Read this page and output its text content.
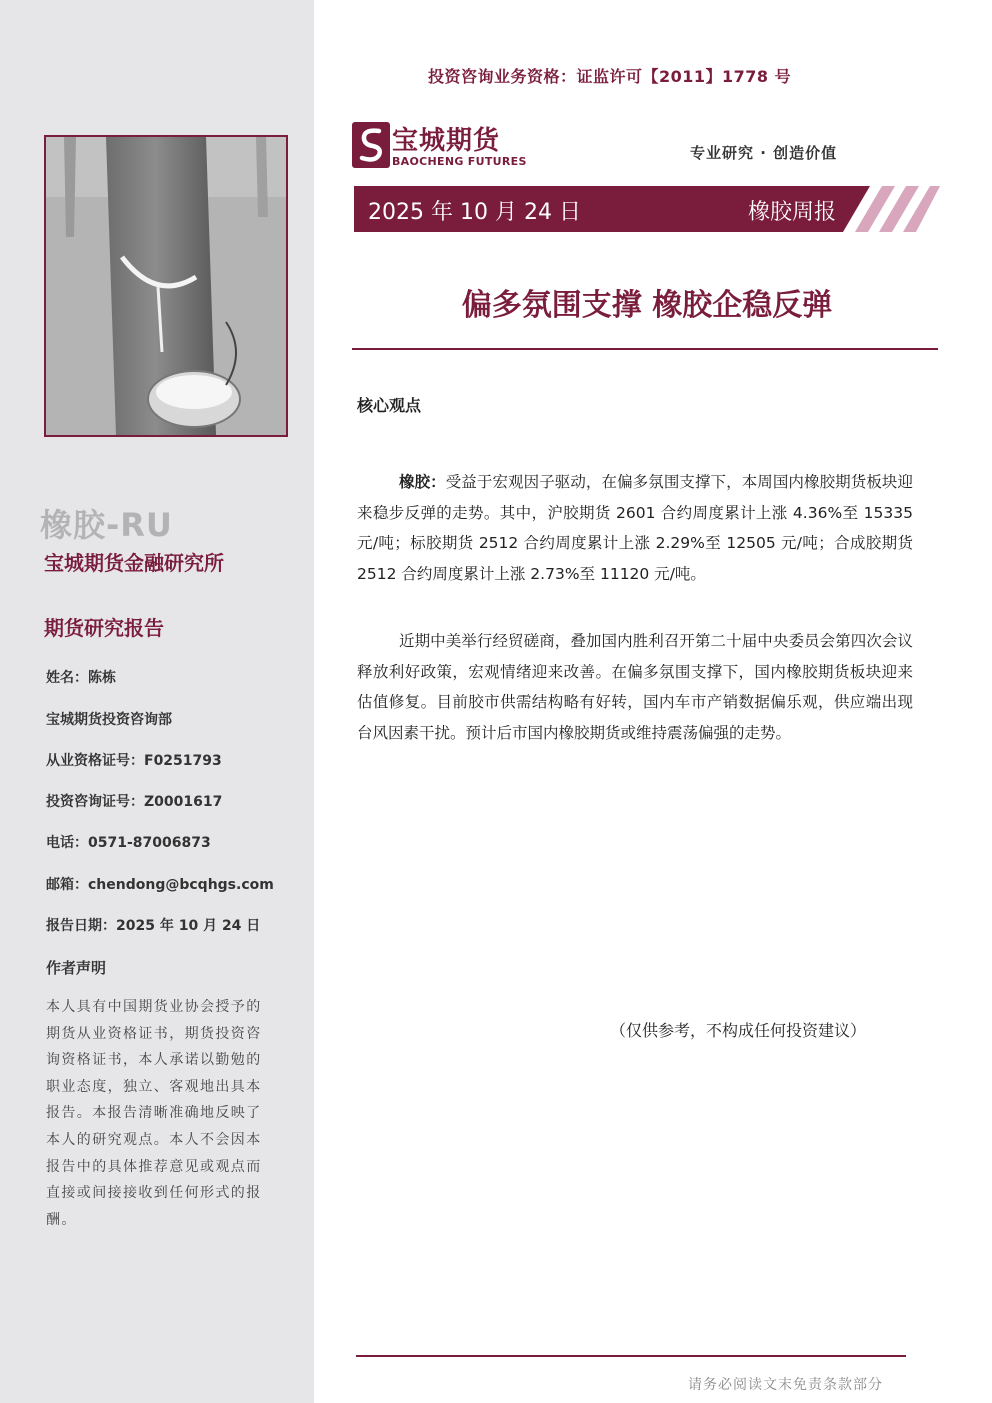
橡胶-RU
宝城期货金融研究所
期货研究报告
姓名：陈栋
宝城期货投资咨询部
从业资格证号：F0251793
投资咨询证号：Z0001617
电话：0571-87006873
邮箱：chendong@bcqhgs.com
报告日期：2025 年 10 月 24 日
作者声明
本人具有中国期货业协会授予的期货从业资格证书，期货投资咨询资格证书，本人承诺以勤勉的职业态度，独立、客观地出具本报告。本报告清晰准确地反映了本人的研究观点。本人不会因本报告中的具体推荐意见或观点而直接或间接接收到任何形式的报酬。
投资咨询业务资格：证监许可【2011】1778 号
宝城期货
BAOCHENG FUTURES	专业研究 · 创造价值
2025 年 10 月 24 日	橡胶周报
偏多氛围支撑 橡胶企稳反弹
核心观点

橡胶：受益于宏观因子驱动，在偏多氛围支撑下，本周国内橡胶期货板块迎来稳步反弹的走势。其中，沪胶期货 2601 合约周度累计上涨 4.36%至 15335 元/吨；标胶期货 2512 合约周度累计上涨 2.29%至 12505 元/吨；合成胶期货 2512 合约周度累计上涨 2.73%至 11120 元/吨。

近期中美举行经贸磋商，叠加国内胜利召开第二十届中央委员会第四次会议释放利好政策，宏观情绪迎来改善。在偏多氛围支撑下，国内橡胶期货板块迎来估值修复。目前胶市供需结构略有好转，国内车市产销数据偏乐观，供应端出现台风因素干扰。预计后市国内橡胶期货或维持震荡偏强的走势。

（仅供参考，不构成任何投资建议）
请务必阅读文末免责条款部分
